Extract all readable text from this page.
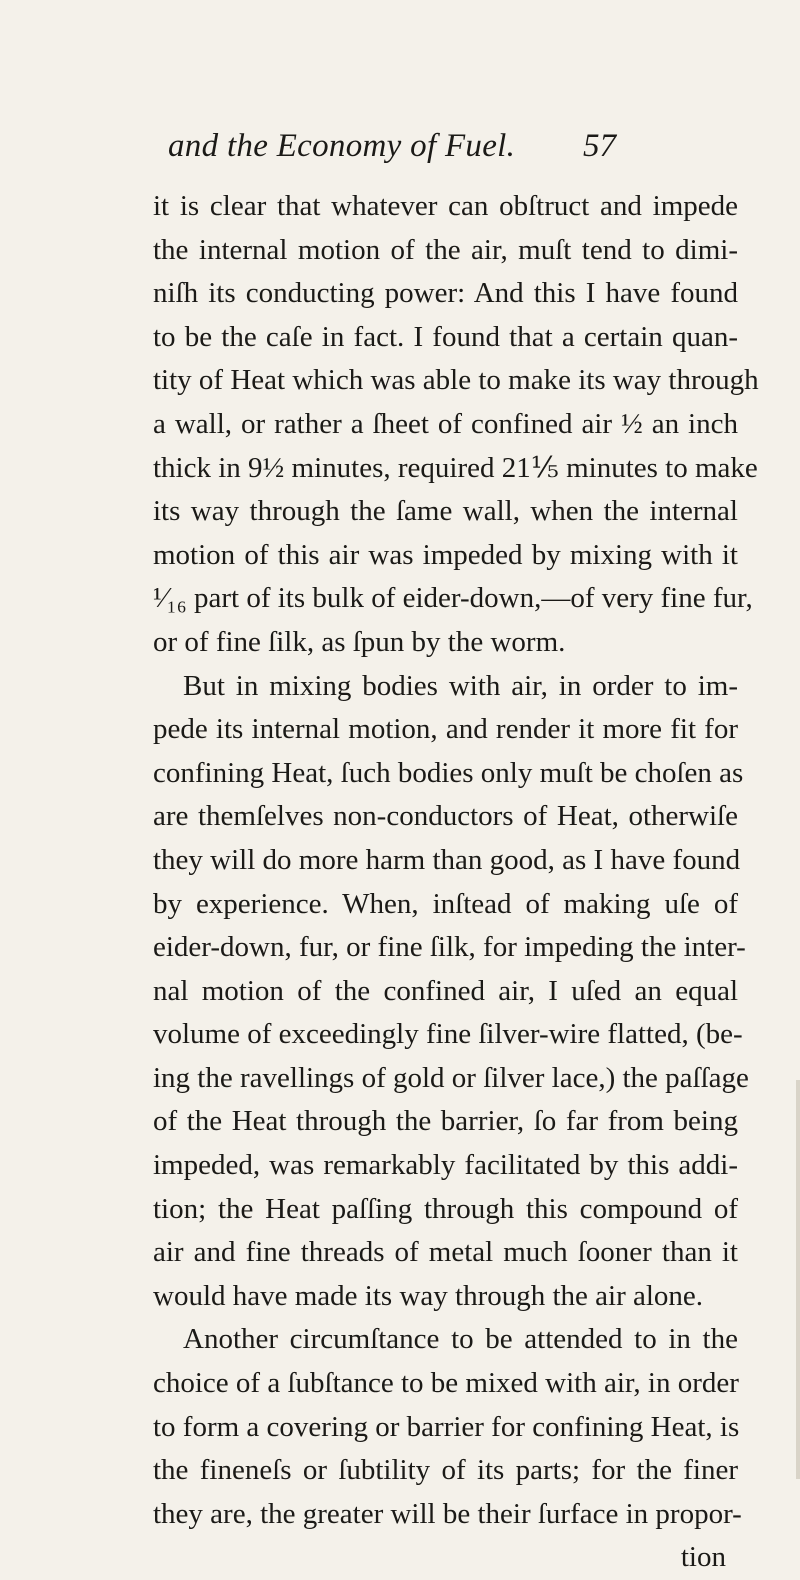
and the Economy of Fuel. 57
it is clear that whatever can obſtruct and impede
the internal motion of the air, muſt tend to dimi-
niſh its conducting power: And this I have found
to be the caſe in fact. I found that a certain quan-
tity of Heat which was able to make its way through
a wall, or rather a ſheet of confined air ½ an inch
thick in 9½ minutes, required 21⅕ minutes to make
its way through the ſame wall, when the internal
motion of this air was impeded by mixing with it
¹⁄₁₆ part of its bulk of eider-down,—of very fine fur,
or of fine ſilk, as ſpun by the worm.
But in mixing bodies with air, in order to im-
pede its internal motion, and render it more fit for
confining Heat, ſuch bodies only muſt be choſen as
are themſelves non-conductors of Heat, otherwiſe
they will do more harm than good, as I have found
by experience. When, inſtead of making uſe of
eider-down, fur, or fine ſilk, for impeding the inter-
nal motion of the confined air, I uſed an equal
volume of exceedingly fine ſilver-wire flatted, (be-
ing the ravellings of gold or ſilver lace,) the paſſage
of the Heat through the barrier, ſo far from being
impeded, was remarkably facilitated by this addi-
tion; the Heat paſſing through this compound of
air and fine threads of metal much ſooner than it
would have made its way through the air alone.
Another circumſtance to be attended to in the
choice of a ſubſtance to be mixed with air, in order
to form a covering or barrier for confining Heat, is
the fineneſs or ſubtility of its parts; for the finer
they are, the greater will be their ſurface in propor-
tion
